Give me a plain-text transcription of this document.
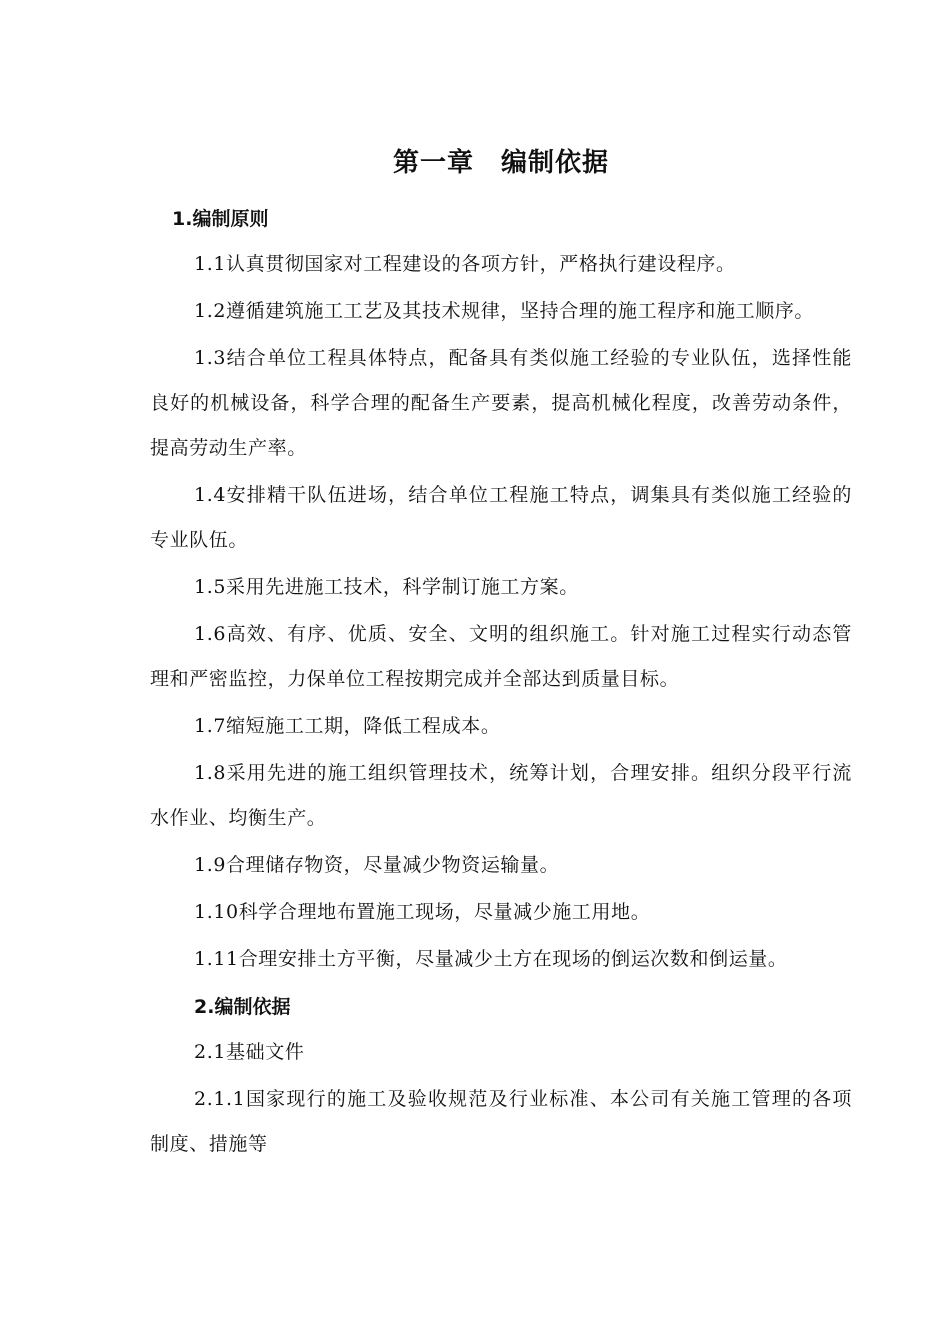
第一章　编制依据
1.编制原则

1.1认真贯彻国家对工程建设的各项方针，严格执行建设程序。

1.2遵循建筑施工工艺及其技术规律，坚持合理的施工程序和施工顺序。

1.3结合单位工程具体特点，配备具有类似施工经验的专业队伍，选择性能良好的机械设备，科学合理的配备生产要素，提高机械化程度，改善劳动条件，提高劳动生产率。

1.4安排精干队伍进场，结合单位工程施工特点，调集具有类似施工经验的专业队伍。

1.5采用先进施工技术，科学制订施工方案。

1.6高效、有序、优质、安全、文明的组织施工。针对施工过程实行动态管理和严密监控，力保单位工程按期完成并全部达到质量目标。

1.7缩短施工工期，降低工程成本。

1.8采用先进的施工组织管理技术，统筹计划，合理安排。组织分段平行流水作业、均衡生产。

1.9合理储存物资，尽量减少物资运输量。

1.10科学合理地布置施工现场，尽量减少施工用地。

1.11合理安排土方平衡，尽量减少土方在现场的倒运次数和倒运量。

2.编制依据

2.1基础文件

2.1.1国家现行的施工及验收规范及行业标准、本公司有关施工管理的各项制度、措施等
